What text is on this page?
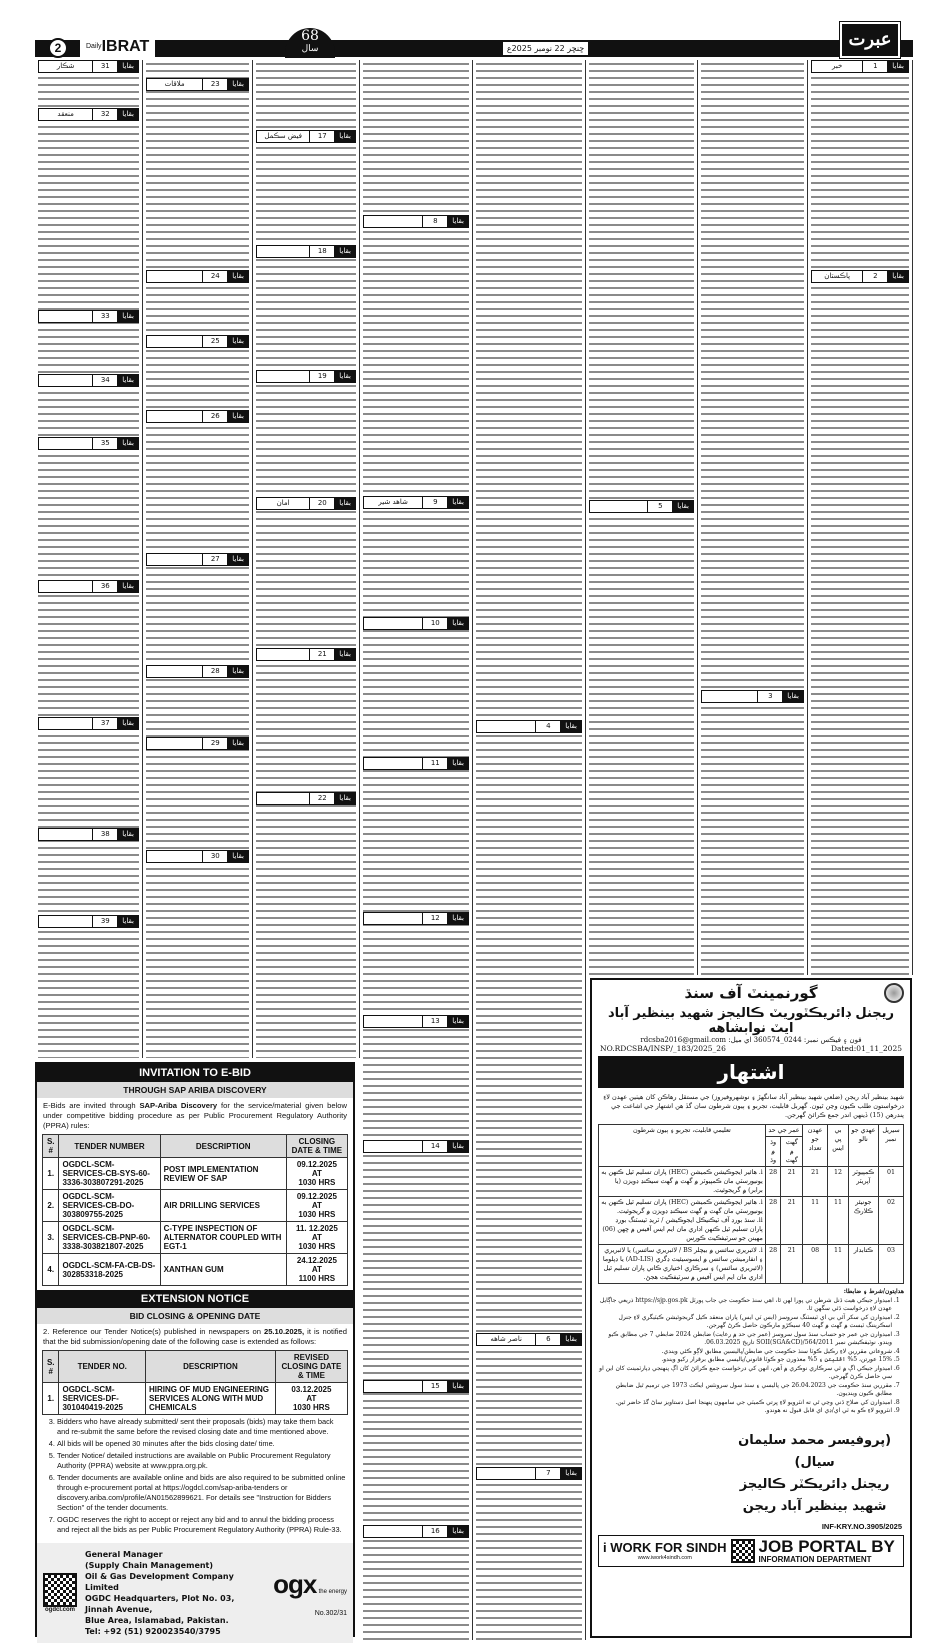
2	$^{Daily}$IBRAT
68
سال	ڇنڇر 22 نومبر 2025ع	عبرت
بقايا
31
شڪار
بقايا
32
منعقد
بقايا
33
بقايا
34
بقايا
35
بقايا
36
بقايا
37
بقايا
38
بقايا
39
بقايا
23
ملاقات
بقايا
24
بقايا
25
بقايا
26
بقايا
27
بقايا
28
بقايا
29
بقايا
30
بقايا
17
فيض سڪمل
بقايا
18
بقايا
19
بقايا
20
امان
بقايا
21
بقايا
22
بقايا
8
بقايا
9
شاهد شير
بقايا
10
بقايا
11
بقايا
12
بقايا
13
بقايا
14
بقايا
15
بقايا
16
بقايا
4
بقايا
6
ناصر شاهه
بقايا
7
بقايا
5
بقايا
3
بقايا
1
خبر
بقايا
2
پاڪستان
INVITATION TO E-BID
THROUGH SAP ARIBA DISCOVERY
E-Bids are invited through SAP-Ariba Discovery for the service/material given below under competitive bidding procedure as per Public Procurement Regulatory Authority (PPRA) rules:
S. #	TENDER NUMBER	DESCRIPTION	CLOSING DATE & TIME
1.	OGDCL-SCM-SERVICES-CB-SYS-60-3336-303807291-2025	POST IMPLEMENTATION REVIEW OF SAP	09.12.2025
AT
1030 HRS

2.	OGDCL-SCM-SERVICES-CB-DO-303809755-2025	AIR DRILLING SERVICES	09.12.2025
AT
1030 HRS

3.	OGDCL-SCM-SERVICES-CB-PNP-60-3338-303821807-2025	C-TYPE INSPECTION OF ALTERNATOR COUPLED WITH EGT-1	11. 12.2025
AT
1030 HRS

4.	OGDCL-SCM-FA-CB-DS-302853318-2025	XANTHAN GUM	24.12.2025
AT
1100 HRS
EXTENSION NOTICE
BID CLOSING & OPENING DATE
2. Reference our Tender Notice(s) published in newspapers on 25.10.2025, it is notified that the bid submission/opening date of the following case is extended as follows:
S. #	TENDER NO.	DESCRIPTION	REVISED CLOSING DATE & TIME
1.	OGDCL-SCM-SERVICES-DF-301040419-2025	HIRING OF MUD ENGINEERING SERVICES ALONG WITH MUD CHEMICALS	03.12.2025
AT
1030 HRS
3. Bidders who have already submitted/ sent their proposals (bids) may take them back and re-submit the same before the revised closing date and time mentioned above.
4. All bids will be opened 30 minutes after the bids closing date/ time.
5. Tender Notice/ detailed instructions are available on Public Procurement Regulatory Authority (PPRA) website at www.ppra.org.pk.
6. Tender documents are available online and bids are also required to be submitted online through e-procurement portal at https://ogdcl.com/sap-ariba-tenders or discovery.ariba.com/profile/AN01562899621. For details see "Instruction for Bidders Section" of the tender documents.
7. OGDC reserves the right to accept or reject any bid and to annul the bidding process and reject all the bids as per Public Procurement Regulatory Authority (PPRA) Rule-33.
ogdcl.com
General Manager
(Supply Chain Management)
Oil & Gas Development Company Limited
OGDC Headquarters, Plot No. 03, Jinnah Avenue,
Blue Area, Islamabad, Pakistan.
Tel: +92 (51) 920023540/3795
ogx the energy
No.302/31
گورنمينٽ آف سنڌ
ريجنل ڊائريڪٽوريٽ ڪاليجز شهيد بينظير آباد ايٽ نوابشاهه
فون ۽ فيڪس نمبر: 0244_360574 اي ميل: rdcsba2016@gmail.com
NO.RDCSBA/INSP/_183/2025_26	Dated:01_11_2025
اشتهار
شهيد بينظير آباد ريجن (ضلعي شهيد بينظير آباد سانگهڙ ۽ نوشهروفيروز) جي مستقل رهاڪن کان هيٺين عهدن لاءِ درخواستون طلب ڪيون وڃن ٿيون. گهربل قابليت، تجربو ۽ ٻيون شرطون سان گڏ هن اشتهار جي اشاعت جي پندرهن (15) ڏينهن اندر جمع ڪرائڻ گهرجن.
سيريل نمبر	عهدي جو نالو	بي پي ايس	عهدن جو تعداد	عمر جي حد		تعليمي قابليت، تجربو ۽ ٻيون شرطون
				گهٽ ۾ گهٽ	وڌ ۾ وڌ	
01	ڪمپيوٽر آپريٽر	12	21	21	28	i. هائير ايجوڪيشن ڪميشن (HEC) پاران تسليم ٿيل ڪنهن به يونيورسٽي مان ڪمپيوٽر ۾ گهٽ ۾ گهٽ سيڪنڊ ڊويزن (يا برابر) ۾ گريجوئيٽ.

02	جونيئر ڪلارڪ	11	11	21	28	i. هائير ايجوڪيشن ڪميشن (HEC) پاران تسليم ٿيل ڪنهن به يونيورسٽي مان گهٽ ۾ گهٽ سيڪنڊ ڊويزن ۾ گريجوئيٽ.
ii. سنڌ بورڊ آف ٽيڪنيڪل ايجوڪيشن / ٽريڊ ٽيسٽنگ بورڊ پاران تسليم ٿيل ڪنهن اداري مان ايم ايس آفيس ۾ ڇهن (06) مهينن جو سرٽيفڪيٽ ڪورس

03	ڪتابدار	11	08	21	28	i. لائبريري سائنس ۾ بيچلر BS / لائبريري سائنس) يا لائبريري ۽ انفارميشن سائنس ۾ ايسوسيئيٽ ڊگري (AD-LIS) يا ڊپلوما (لائبريري سائنس) ۽ سرڪاري اختياري ڪاني پاران تسليم ٿيل اداري مان ايم ايس آفيس ۾ سرٽيفڪيٽ هجڻ.
هدايتون/شرط ۽ ضابطا:
1. اميدوار جيڪي هيٺ ڏنل شرطن تي پورا لهن ٿا، اهي سنڌ حڪومت جي جاب پورٽل https://sjp.gos.pk ذريعي جاڳايل عهدن لاءِ درخواست ڏئي سگهن ٿا.
2. اميدوارن کي سکر آئي بي اي ٽيسٽنگ سروسز (ايس ٽي ايس) پاران منعقد ڪيل گريجوئيشن ڪيٽيگري لاءِ جنرل اسڪريننگ ٽيسٽ ۾ گهٽ ۾ گهٽ 40 سيڪڙو مارڪون حاصل ڪرڻ گهرجن.
3. اميدوارن جي عمر جو حساب سنڌ سول سروسز (عمر جي حد ۾ رعايت) ضابطن 2024 ضابطي 7 جي مطابق ڪيو ويندو. نوٽيفڪيشن نمبر SOII(SGA&CD)/564/2011 تاريخ 06.03.2025.
4. شروعاتي مقررين لاءِ رڪيل ڪوٽا سنڌ حڪومت جي ضابطن/پاليسين مطابق لاڳو ڪئي ويندي.
5. 15% عورتن، 5% اقليتن ۽ 5% معذورن جو ڪوٽا قانوني/پاليسي مطابق برقرار رکيو ويندو.
6. اميدوار جيڪي اڳ ۾ ئي سرڪاري نوڪري ۾ آهن، انهن کي درخواست جمع ڪرائڻ کان اڳ پنهنجي ڊپارٽمينٽ کان اين او سي حاصل ڪرڻ گهرجي.
7. مقررين سنڌ حڪومت جي 26.04.2023 جي پاليسي ۽ سنڌ سول سرونٽس ايڪٽ 1973 جي ترميم ٿيل ضابطن مطابق ڪيون وينديون.
8. اميدوارن کي صلاح ڏني وڃي ٿي ته انٽرويو لاءِ ڀرتي ڪميٽي جي سامهون پنهنجا اصل دستاويز ساڻ گڏ حاضر ٿين.
9. انٽرويو لاءِ ڪو به ٽي اي/ڊي اي قابل قبول نه هوندو.
(پروفيسر محمد سليمان سيال)
ريجنل ڊائريڪٽر ڪاليجز
شهيد بينظير آباد ريجن
INF-KRY.NO.3905/2025
i WORK FOR SINDH
www.iwork4sindh.com
JOB PORTAL BY
INFORMATION DEPARTMENT
